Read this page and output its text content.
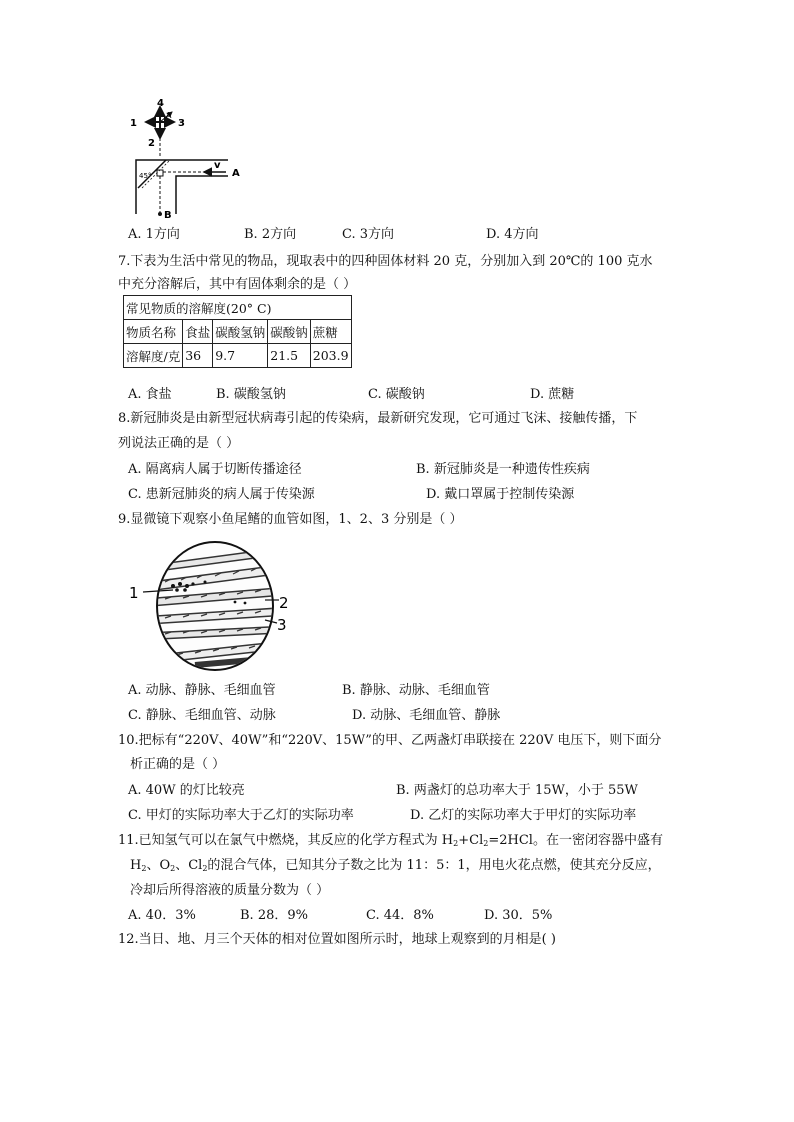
4
1	3
A
2
45°
v
A
B
A. 1方向	B. 2方向	C. 3方向	D. 4方向
7.下表为生活中常见的物品，现取表中的四种固体材料 20 克，分别加入到 20℃的 100 克水
中充分溶解后，其中有固体剩余的是（ ）
常见物质的溶解度(20° C)				
物质名称	食盐	碳酸氢钠	碳酸钠	蔗糖
溶解度/克	36	9.7	21.5	203.9
A. 食盐	B. 碳酸氢钠	C. 碳酸钠	D. 蔗糖
8.新冠肺炎是由新型冠状病毒引起的传染病，最新研究发现，它可通过飞沫、接触传播，下
列说法正确的是（ ）
A. 隔离病人属于切断传播途径	B. 新冠肺炎是一种遗传性疾病
C. 患新冠肺炎的病人属于传染源	D. 戴口罩属于控制传染源
9.显微镜下观察小鱼尾鳍的血管如图，1、2、3 分别是（ ）
1
2
3
A. 动脉、静脉、毛细血管	B. 静脉、动脉、毛细血管
C. 静脉、毛细血管、动脉	D. 动脉、毛细血管、静脉
10.把标有“220V、40W”和“220V、15W”的甲、乙两盏灯串联接在 220V 电压下，则下面分
析正确的是（ ）
A. 40W 的灯比较亮	B. 两盏灯的总功率大于 15W，小于 55W
C. 甲灯的实际功率大于乙灯的实际功率	D. 乙灯的实际功率大于甲灯的实际功率
11.已知氢气可以在氯气中燃烧，其反应的化学方程式为 $H_2+Cl_2=2HCl$。在一密闭容器中盛有
$H_2$、$O_2$、$Cl_2$的混合气体，已知其分子数之比为 11：5：1，用电火花点燃，使其充分反应，
冷却后所得溶液的质量分数为（ ）
A. 40．3%	B. 28．9%	C. 44．8%	D. 30．5%
12.当日、地、月三个天体的相对位置如图所示时，地球上观察到的月相是( )
